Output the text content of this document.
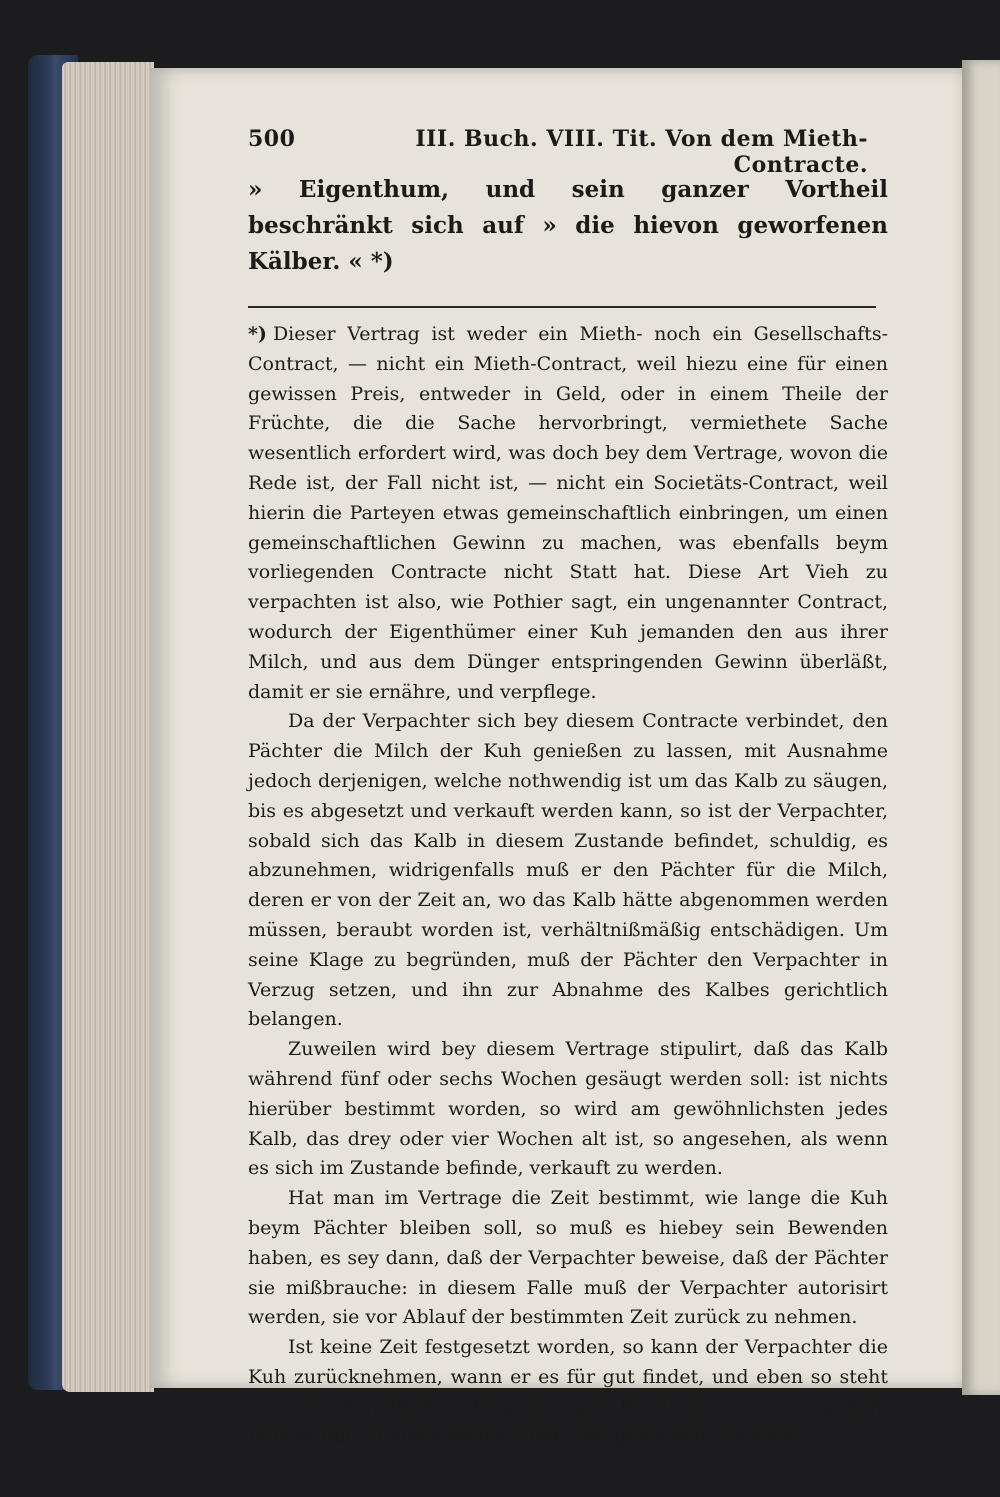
500	III. Buch. VIII. Tit. Von dem Mieth-Contracte.

» Eigenthum, und sein ganzer Vortheil beschränkt sich auf » die hievon geworfenen Kälber. « *)

*) Dieser Vertrag ist weder ein Mieth- noch ein Gesellschafts-Contract, — nicht ein Mieth-Contract, weil hiezu eine für einen gewissen Preis, entweder in Geld, oder in einem Theile der Früchte, die die Sache hervorbringt, vermiethete Sache wesentlich erfordert wird, was doch bey dem Vertrage, wovon die Rede ist, der Fall nicht ist, — nicht ein Societäts-Contract, weil hierin die Parteyen etwas gemeinschaftlich einbringen, um einen gemeinschaftlichen Gewinn zu machen, was ebenfalls beym vorliegenden Contracte nicht Statt hat. Diese Art Vieh zu verpachten ist also, wie Pothier sagt, ein ungenannter Contract, wodurch der Eigenthümer einer Kuh jemanden den aus ihrer Milch, und aus dem Dünger entspringenden Gewinn überläßt, damit er sie ernähre, und verpflege.

Da der Verpachter sich bey diesem Contracte verbindet, den Pächter die Milch der Kuh genießen zu lassen, mit Ausnahme jedoch derjenigen, welche nothwendig ist um das Kalb zu säugen, bis es abgesetzt und verkauft werden kann, so ist der Verpachter, sobald sich das Kalb in diesem Zustande befindet, schuldig, es abzunehmen, widrigenfalls muß er den Pächter für die Milch, deren er von der Zeit an, wo das Kalb hätte abgenommen werden müssen, beraubt worden ist, verhältnißmäßig entschädigen. Um seine Klage zu begründen, muß der Pächter den Verpachter in Verzug setzen, und ihn zur Abnahme des Kalbes gerichtlich belangen.

Zuweilen wird bey diesem Vertrage stipulirt, daß das Kalb während fünf oder sechs Wochen gesäugt werden soll: ist nichts hierüber bestimmt worden, so wird am gewöhnlichsten jedes Kalb, das drey oder vier Wochen alt ist, so angesehen, als wenn es sich im Zustande befinde, verkauft zu werden.

Hat man im Vertrage die Zeit bestimmt, wie lange die Kuh beym Pächter bleiben soll, so muß es hiebey sein Bewenden haben, es sey dann, daß der Verpachter beweise, daß der Pächter sie mißbrauche: in diesem Falle muß der Verpachter autorisirt werden, sie vor Ablauf der bestimmten Zeit zurück zu nehmen.

Ist keine Zeit festgesetzt worden, so kann der Verpachter die Kuh zurücknehmen, wann er es für gut findet, und eben so steht es auch dem Pächter frey, sie nach Belieben zurück zu geben, falls es nur zu einer schicklichen Zeit geschieht. So wäre
